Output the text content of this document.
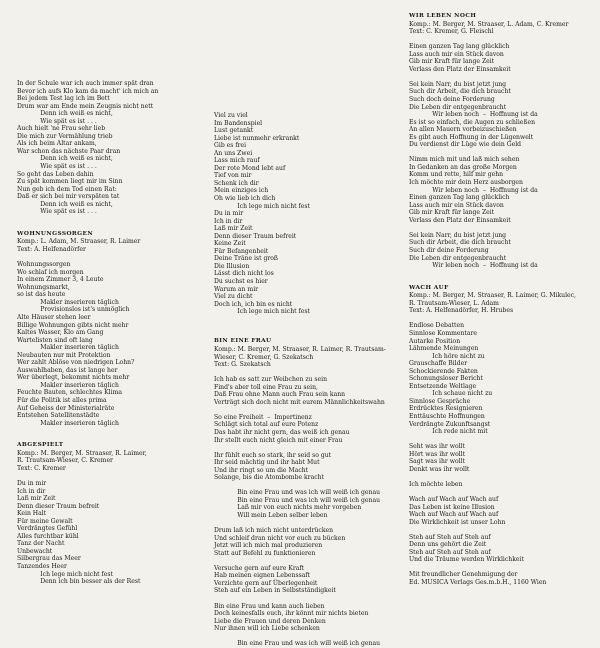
In der Schule war ich auch immer spät dran
Bevor ich aufs Klo kam da macht' ich mich an
Bei jedem Test lag ich im Bett
Drum war am Ende mein Zeugnis nicht nett
Denn ich weiß es nicht,
Wie spät es ist . . .
Auch hielt 'ne Frau sehr lieb
Die mich zur Vermählung trieb
Als ich beim Altar ankam,
War schon das nächste Paar dran
Denn ich weiß es nicht,
Wie spät es ist . . .
So geht das Leben dahin
Zu spät kommen liegt mir im Sinn
Nun geb ich dem Tod einen Rat:
Daß er sich bei mir verspäten tat
Denn ich weiß es nicht,
Wie spät es ist . . .
WOHNUNGSSORGEN
Komp.: L. Adam, M. Straaser, R. Laimer
Text: A. Helfenadörfer
Wohnungssorgen
Wo schlaf ich morgen
In einem Zimmer 3, 4 Leute
Wohnungsmarkt,
so ist das heute
Makler inserieren täglich
Provisionslos ist's unmöglich
Alte Häuser stehen leer
Billige Wohnungen gibts nicht mehr
Kaltes Wasser, Klo am Gang
Wartelisten sind oft lang
Makler inserieren täglich
Neubauten nur mit Protektion
Wer zahlt Ablöse von niedrigen Lohn?
Auswahlhaben, das ist lange her
Wer überlegt, bekommt nichts mehr
Makler inserieren täglich
Feuchte Bauten, schlechtes Klima
Für die Politik ist alles prima
Auf Geheiss der Ministerialräte
Entstehen Satellitenstädte
Makler inserieren täglich
ABGESPIELT
Komp.: M. Berger, M. Straaser, R. Laimer,
R. Trautsam-Wieser, C. Kremer
Text: C. Kremer
Du in mir
Ich in dir
Laß mir Zeit
Denn dieser Traum befreit
Kein Halt
Für meine Gewalt
Verdrängtes Gefühl
Alles furchtbar kühl
Tanz der Nacht
Unbewacht
Silbergrau das Meer
Tanzendes Heer
Ich lege mich nicht fest
Denn ich bin besser als der Rest
Viel zu viel
Im Bandenspiel
Lust getankt
Liebe ist nunmehr erkrankt
Gib es frei
An uns Zwei
Lass mich rauf
Der rote Mond lebt auf
Tief von mir
Schenk ich dir
Mein einziges ich
Oh wie lieb ich dich
Ich lege mich nicht fest
Du in mir
Ich in dir
Laß mir Zeit
Denn dieser Traum befreit
Keine Zeit
Für Befangenheit
Deine Träne ist groß
Die Illusion
Lässt dich nicht los
Du suchst es hier
Warum an mir
Viel zu dicht
Doch ich, ich bin es nicht
Ich lege mich nicht fest
BIN EINE FRAU
Komp.: M. Berger, M. Straaser, R. Laimer, R. Trautsam-
Wieser, C. Kremer, G. Szekatsch
Text: G. Szekatsch
Ich hab es satt zur Weibchen zu sein
Find's aber toll eine Frau zu sein,
Daß Frau ohne Mann auch Frau sein kann
Verträgt sich doch nicht mit eurem Männlichkeitswahn

So eine Freiheit  –  Impertinenz
Schlägt sich total auf eure Potenz
Das habt ihr nicht gern, das weiß ich genau
Ihr stellt euch nicht gleich mit einer Frau

Ihr fühlt euch so stark, ihr seid so gut
Ihr seid mächtig und ihr habt Mut
Und ihr ringt so um die Macht
Solange, bis die Atombombe kracht

Bin eine Frau und was ich will weiß ich genau
Bin eine Frau und was ich will weiß ich genau
Laß mir von euch nichts mehr vorgeben
Will mein Leben selber leben

Drum laß ich mich nicht unterdrücken
Und schleif dran nicht vor euch zu bücken
Jetzt will ich mich mal produzieren
Statt auf Befehl zu funktionieren

Versuche gern auf eure Kraft
Hab meinen eignen Lebenssaft
Verzichte gern auf Überlegenheit
Steh auf ein Leben in Selbstständigkeit

Bin eine Frau und kann auch lieben
Doch keinesfalls euch, ihr könnt mir nichts bieten
Liebe die Frauen und deren Denken
Nur ihnen will ich Liebe schenken

Bin eine Frau und was ich will weiß ich genau
WIR LEBEN NOCH
Komp.: M. Berger, M. Straaser, L. Adam, C. Kremer
Text: C. Kremer, G. Fleischl
Einen ganzen Tag lang glücklich
Lass auch mir ein Stück davon
Gib mir Kraft für lange Zeit
Verlass den Platz der Einsamkeit

Sei kein Narr, du bist jetzt jung
Such dir Arbeit, die dich braucht
Such doch deine Forderung
Die Leben dir entgegenbraucht
Wir leben noch  –  Hoffnung ist da
Es ist so einfach, die Augen zu schließen
An allen Mauern vorbeizuschießen
Es gibt auch Hoffnung in der Lügenwelt
Du verdienst dir Lüge wie dein Geld

Nimm mich mit und laß mich sehen
In Gedanken an das große Morgen
Komm und rette, hilf mir gehn
Ich möchte mir dein Herz ausborgen
Wir leben noch  –  Hoffnung ist da
Einen ganzen Tag lang glücklich
Lass auch mir ein Stück davon
Gib mir Kraft für lange Zeit
Verlass den Platz der Einsamkeit

Sei kein Narr, du bist jetzt jung
Such dir Arbeit, die dich braucht
Such dir deine Forderung
Die Leben dir entgegenbraucht
Wir leben noch  –  Hoffnung ist da
WACH AUF
Komp.: M. Berger, M. Straaser, R. Laimer, G. Mikulec,
R. Trautsam-Wieser, L. Adam
Text: A. Helfenadörfer, H. Hrubes
Endlose Debatten
Sinnlose Kommentare
Autarke Position
Lähmende Meinungen
Ich höre nicht zu
Grauschaffe Bilder
Schockierende Fakten
Schonungsloser Bericht
Entsetzende Weltlage
Ich schaue nicht zu
Sinnlose Gespräche
Erdrücktes Resignieren
Enttäuschte Hoffnungen
Verdrängte Zukunftsangst
Ich rede nicht mit

Seht was ihr wollt
Hört was ihr wollt
Sagt was ihr wollt
Denkt was ihr wollt

Ich möchte leben

Wach auf Wach auf Wach auf
Das Leben ist keine Illusion
Wach auf Wach auf Wach auf
Die Wirklichkeit ist unser Lohn

Steh auf Steh auf Steh auf
Denn uns gehört die Zeit
Steh auf Steh auf Steh auf
Und die Träume werden Wirklichkeit
Mit freundlicher Genehmigung der
Ed. MUSICA Verlags Ges.m.b.H., 1160 Wien
